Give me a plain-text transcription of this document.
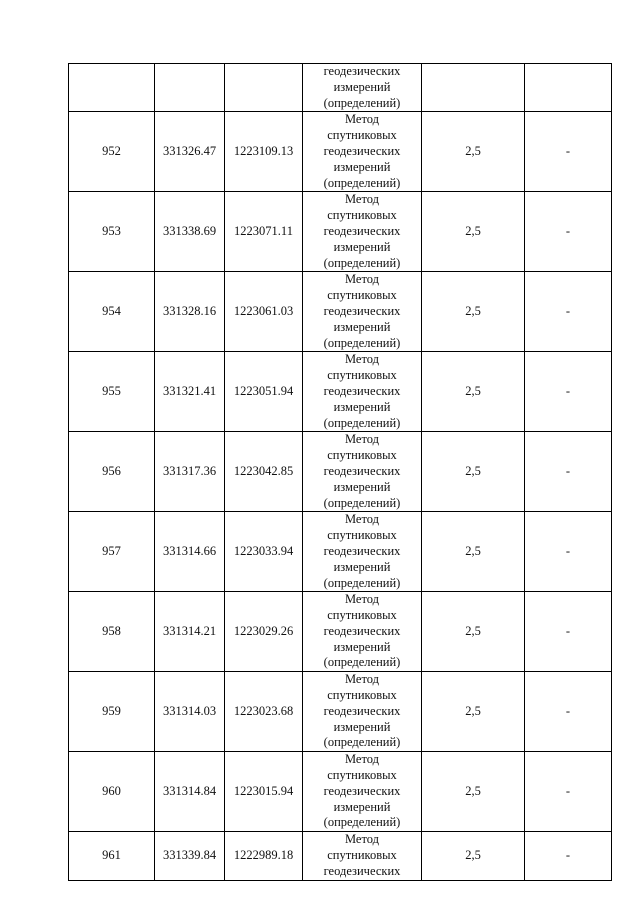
			геодезических
измерений
(определений)		

952	331326.47	1223109.13	Метод
спутниковых
геодезических
измерений
(определений)	2,5	-
953	331338.69	1223071.11	Метод
спутниковых
геодезических
измерений
(определений)	2,5	-
954	331328.16	1223061.03	Метод
спутниковых
геодезических
измерений
(определений)	2,5	-
955	331321.41	1223051.94	Метод
спутниковых
геодезических
измерений
(определений)	2,5	-
956	331317.36	1223042.85	Метод
спутниковых
геодезических
измерений
(определений)	2,5	-
957	331314.66	1223033.94	Метод
спутниковых
геодезических
измерений
(определений)	2,5	-
958	331314.21	1223029.26	Метод
спутниковых
геодезических
измерений
(определений)	2,5	-
959	331314.03	1223023.68	Метод
спутниковых
геодезических
измерений
(определений)	2,5	-
960	331314.84	1223015.94	Метод
спутниковых
геодезических
измерений
(определений)	2,5	-
961	331339.84	1222989.18	Метод
спутниковых
геодезических	2,5	-
